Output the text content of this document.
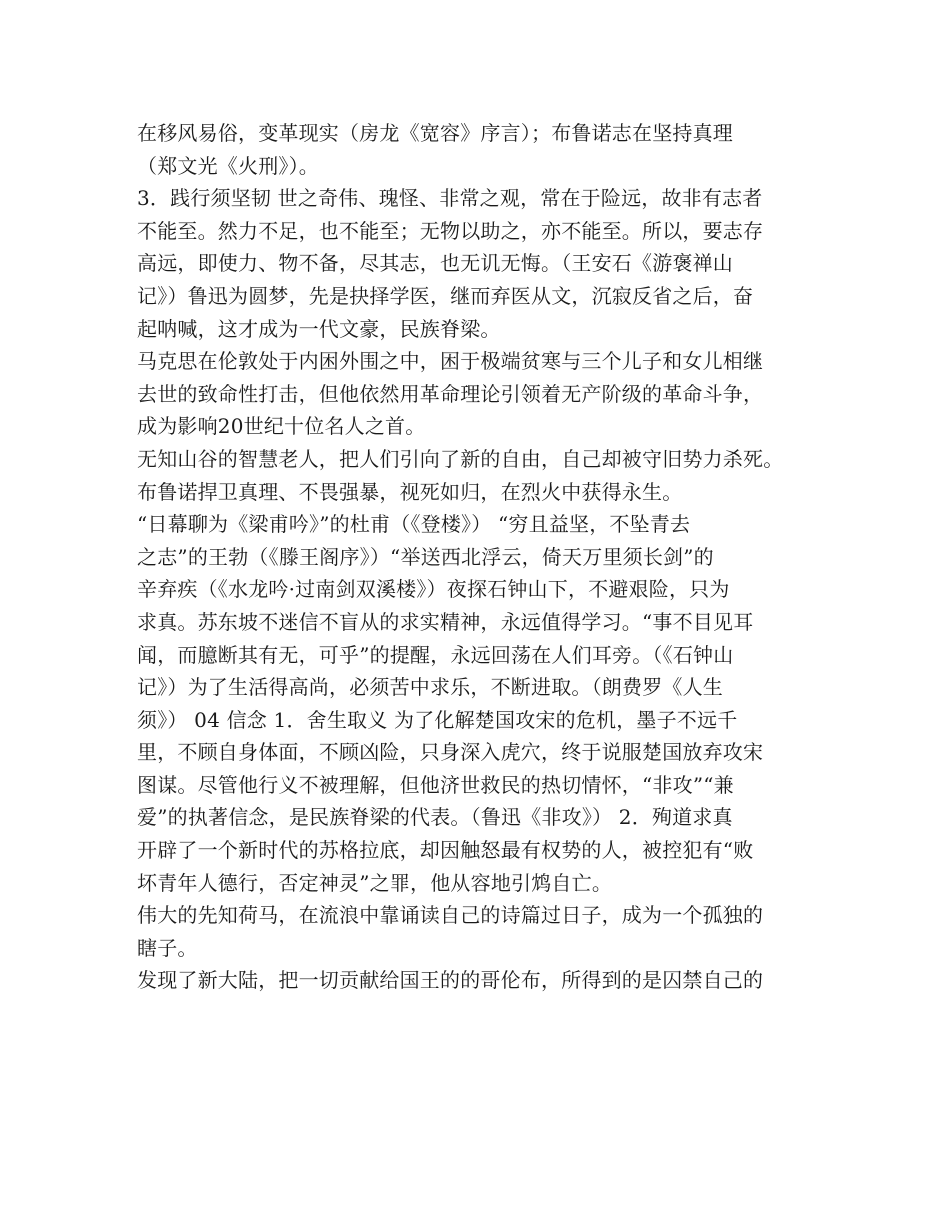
在移风易俗，变革现实（房龙《宽容》序言）；布鲁诺志在坚持真理
（郑文光《火刑》）。
3．践行须坚韧 世之奇伟、瑰怪、非常之观，常在于险远，故非有志者
不能至。然力不足，也不能至；无物以助之，亦不能至。所以，要志存
高远，即使力、物不备，尽其志，也无讥无悔。（王安石《游褒禅山
记》）鲁迅为圆梦，先是抉择学医，继而弃医从文，沉寂反省之后，奋
起呐喊，这才成为一代文豪，民族脊梁。
马克思在伦敦处于内困外围之中，困于极端贫寒与三个儿子和女儿相继
去世的致命性打击，但他依然用革命理论引领着无产阶级的革命斗争，
成为影响20世纪十位名人之首。
无知山谷的智慧老人，把人们引向了新的自由，自己却被守旧势力杀死。
布鲁诺捍卫真理、不畏强暴，视死如归，在烈火中获得永生。
“日幕聊为《梁甫吟》”的杜甫（《登楼》） “穷且益坚，不坠青去
之志”的王勃（《滕王阁序》）“举送西北浮云，倚天万里须长剑”的
辛弃疾（《水龙吟·过南剑双溪楼》）夜探石钟山下，不避艰险，只为
求真。苏东坡不迷信不盲从的求实精神，永远值得学习。“事不目见耳
闻，而臆断其有无，可乎”的提醒，永远回荡在人们耳旁。（《石钟山
记》）为了生活得高尚，必须苦中求乐，不断进取。（朗费罗《人生
须》） 04 信念 1．舍生取义 为了化解楚国攻宋的危机，墨子不远千
里，不顾自身体面，不顾凶险，只身深入虎穴，终于说服楚国放弃攻宋
图谋。尽管他行义不被理解，但他济世救民的热切情怀，“非攻”“兼
爱”的执著信念，是民族脊梁的代表。（鲁迅《非攻》） 2．殉道求真
开辟了一个新时代的苏格拉底，却因触怒最有权势的人，被控犯有“败
坏青年人德行，否定神灵”之罪，他从容地引鸩自亡。
伟大的先知荷马，在流浪中靠诵读自己的诗篇过日子，成为一个孤独的
瞎子。
发现了新大陆，把一切贡献给国王的的哥伦布，所得到的是囚禁自己的
